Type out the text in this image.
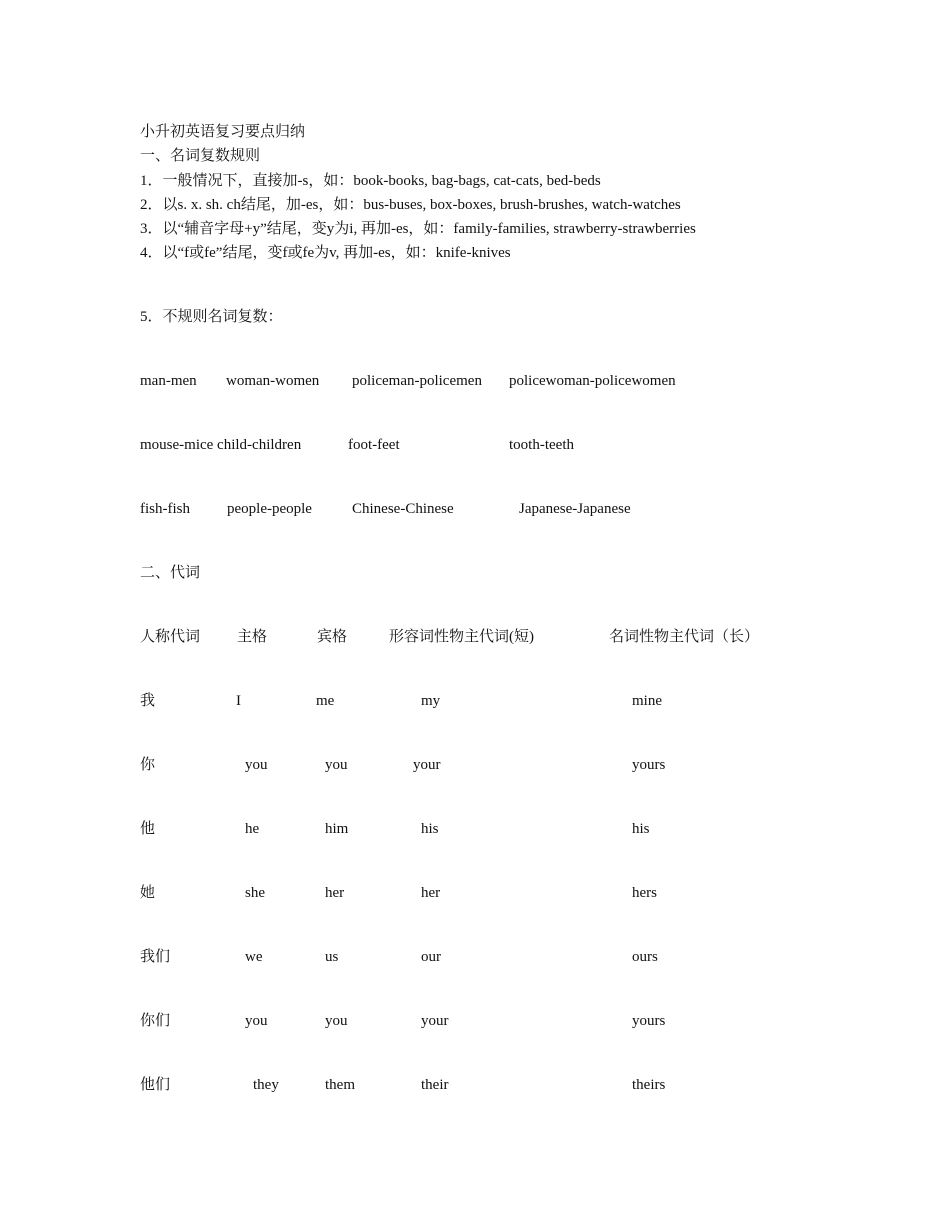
小升初英语复习要点归纳
一、名词复数规则
1．一般情况下，直接加-s，如：book-books, bag-bags, cat-cats, bed-beds
2．以s. x. sh. ch结尾，加-es，如：bus-buses, box-boxes, brush-brushes, watch-watches
3．以“辅音字母+y”结尾，变y为i, 再加-es，如：family-families, strawberry-strawberries
4．以“f或fe”结尾，变f或fe为v, 再加-es，如：knife-knives
5．不规则名词复数：
man-men woman-women policeman-policemen policewoman-policewomen
mouse-mice child-children	foot-feet	tooth-teeth
fish-fish people-people	Chinese-Chinese	Japanese-Japanese
二、代词
人称代词 主格	宾格	形容词性物主代词(短)	名词性物主代词（长）
我	I	me	my	mine
你	you	you	your	yours
他	he	him	his	his
她	she	her	her	hers
我们	we	us	our	ours
你们	you	you	your	yours
他们	they	them	their	theirs
